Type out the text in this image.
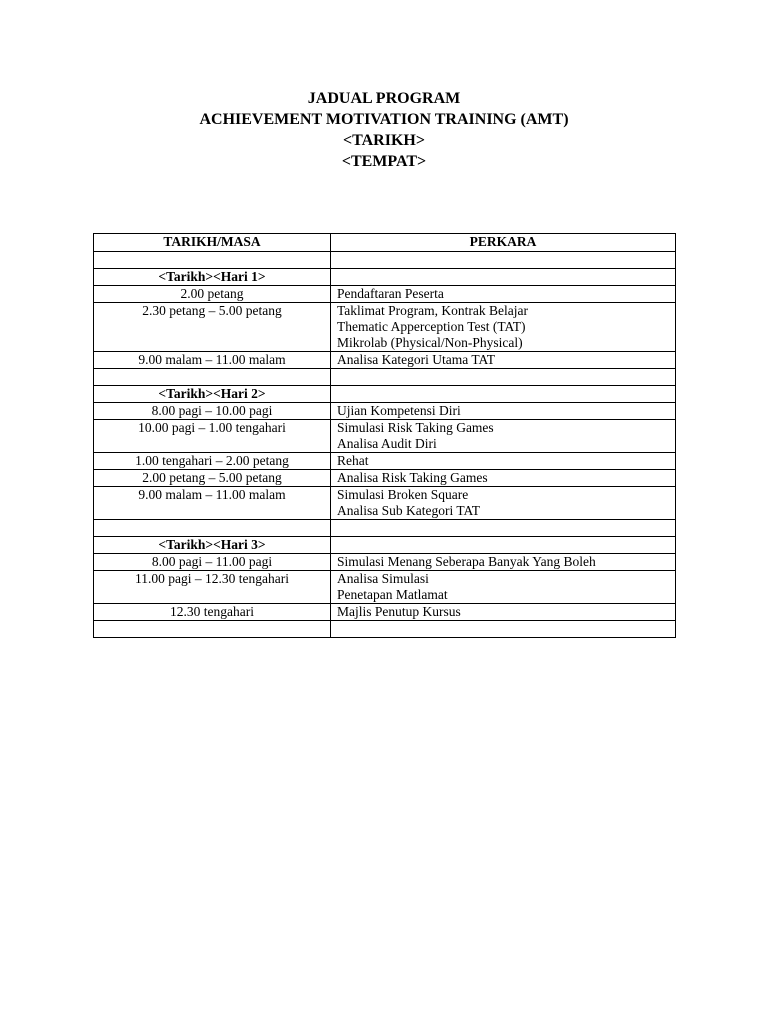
JADUAL PROGRAM
ACHIEVEMENT MOTIVATION TRAINING (AMT)
<TARIKH>
<TEMPAT>
TARIKH/MASA	PERKARA

<Tarikh><Hari 1>	
2.00 petang	Pendaftaran Peserta

2.30 petang – 5.00 petang	Taklimat Program, Kontrak Belajar
Thematic Apperception Test (TAT)
Mikrolab (Physical/Non-Physical)

9.00 malam – 11.00 malam	Analisa Kategori Utama TAT

<Tarikh><Hari 2>	
8.00 pagi – 10.00 pagi	Ujian Kompetensi Diri

10.00 pagi – 1.00 tengahari	Simulasi Risk Taking Games
Analisa Audit Diri

1.00 tengahari – 2.00 petang	Rehat

2.00 petang – 5.00 petang	Analisa Risk Taking Games

9.00 malam – 11.00 malam	Simulasi Broken Square
Analisa Sub Kategori TAT

<Tarikh><Hari 3>	
8.00 pagi – 11.00 pagi	Simulasi Menang Seberapa Banyak Yang Boleh

11.00 pagi – 12.30 tengahari	Analisa Simulasi
Penetapan Matlamat

12.30 tengahari	Majlis Penutup Kursus
